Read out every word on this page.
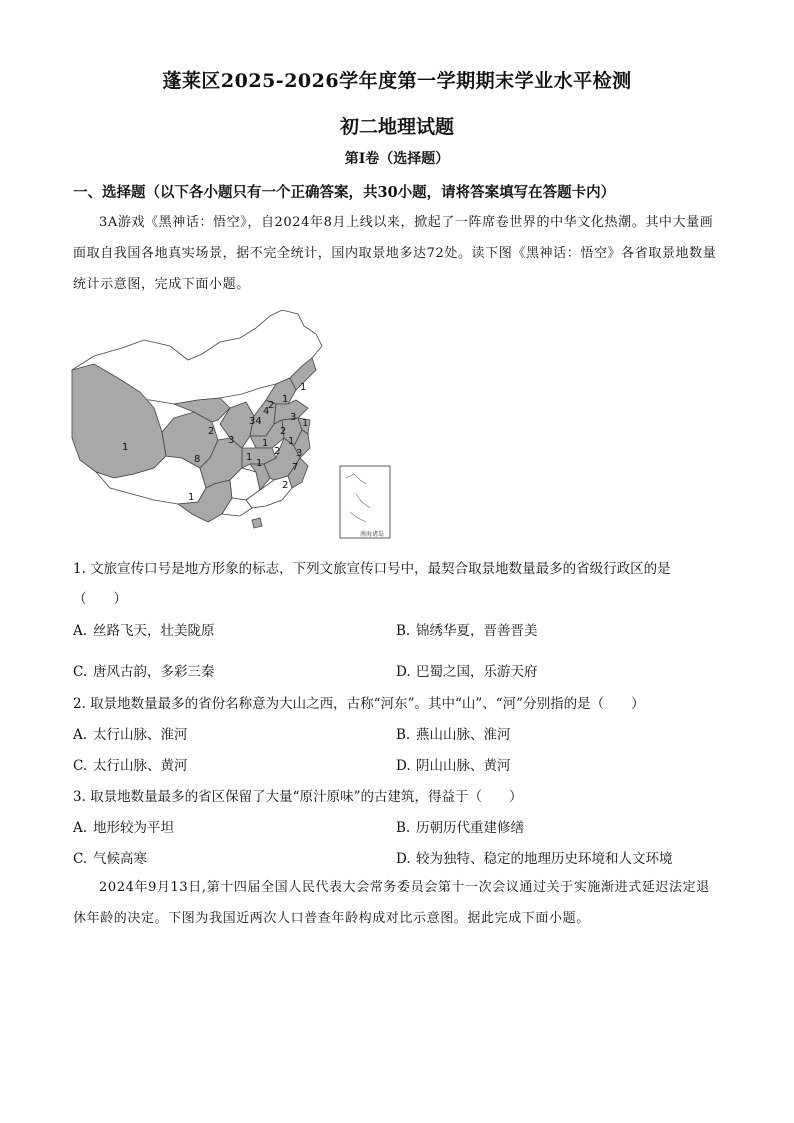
蓬莱区2025-2026学年度第一学期期末学业水平检测
初二地理试题
第Ⅰ卷（选择题）
一、选择题（以下各小题只有一个正确答案，共30小题，请将答案填写在答题卡内）
3A游戏《黑神话：悟空》，自2024年8月上线以来，掀起了一阵席卷世界的中华文化热潮。其中大量画面取自我国各地真实场景，据不完全统计，国内取景地多达72处。读下图《黑神话：悟空》各省取景地数量统计示意图，完成下面小题。
1
1
3
4
34
1
1
2
2
2
8
3
1
1
2
1
1
3
7
2
1
南海诸岛
1. 文旅宣传口号是地方形象的标志，下列文旅宣传口号中，最契合取景地数量最多的省级行政区的是
（　　）
A. 丝路飞天，壮美陇原	B. 锦绣华夏，晋善晋美
C. 唐风古韵，多彩三秦	D. 巴蜀之国，乐游天府
2. 取景地数量最多的省份名称意为大山之西，古称“河东”。其中“山”、“河”分别指的是（　　）
A. 太行山脉、淮河	B. 燕山山脉、淮河
C. 太行山脉、黄河	D. 阴山山脉、黄河
3. 取景地数量最多的省区保留了大量“原汁原味”的古建筑，得益于（　　）
A. 地形较为平坦	B. 历朝历代重建修缮
C. 气候高寒	D. 较为独特、稳定的地理历史环境和人文环境
2024年9月13日,第十四届全国人民代表大会常务委员会第十一次会议通过关于实施渐进式延迟法定退休年龄的决定。下图为我国近两次人口普查年龄构成对比示意图。据此完成下面小题。
